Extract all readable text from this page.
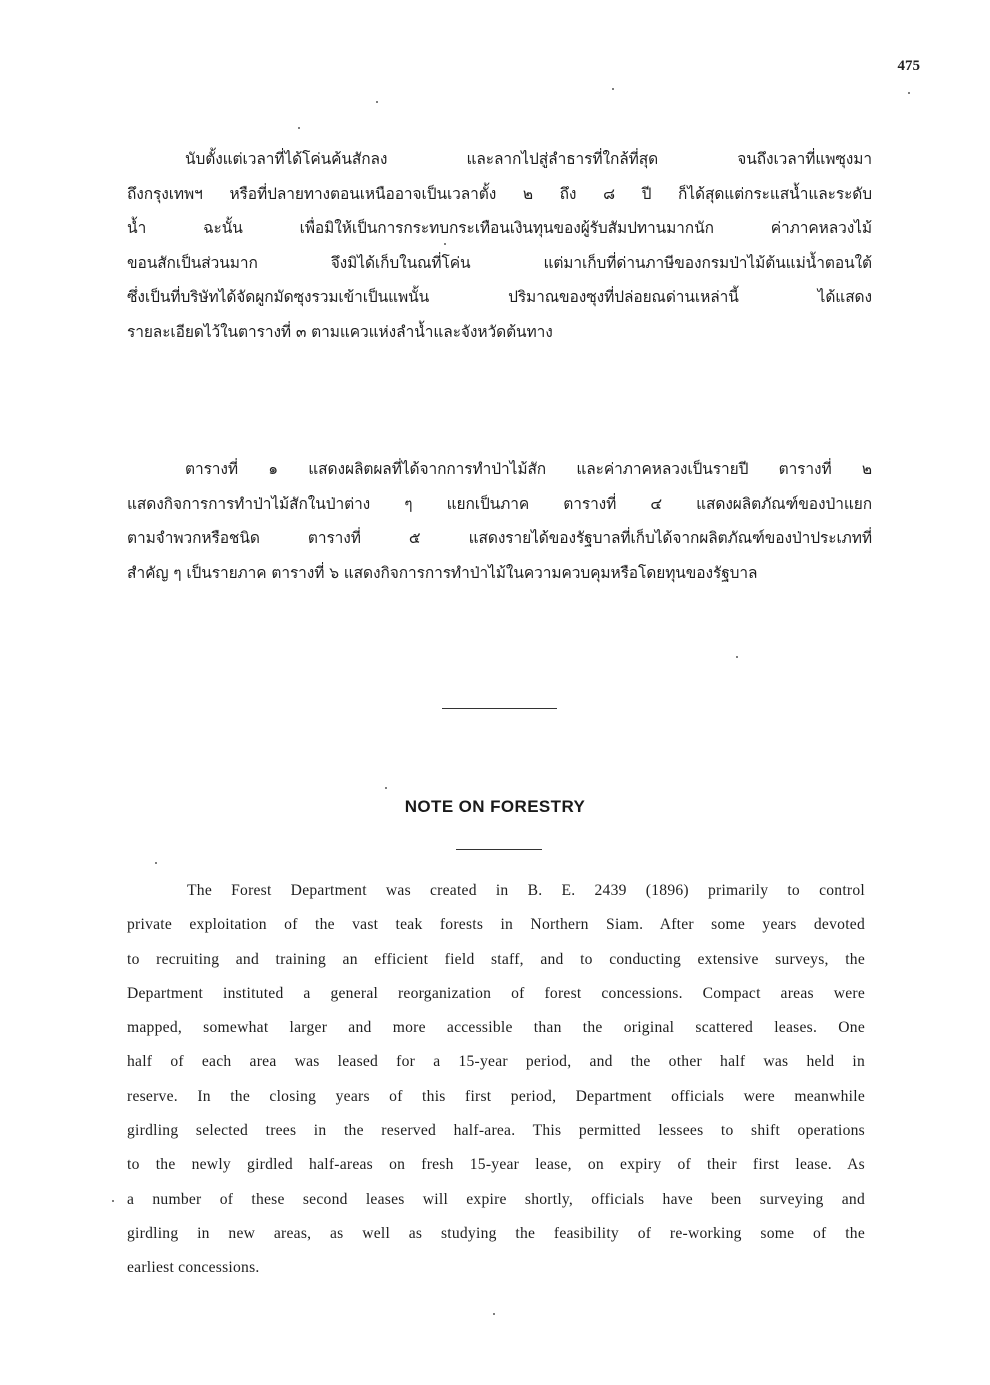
475
นับตั้งแต่เวลาที่ได้โค่นค้นสักลง และลากไปสู่ลำธารที่ใกล้ที่สุด จนถึงเวลาที่แพซุงมา
ถึงกรุงเทพฯ หรือที่ปลายทางตอนเหนืออาจเป็นเวลาตั้ง ๒ ถึง ๘ ปี ก็ได้สุดแต่กระแสน้ำและระดับ
น้ำ ฉะนั้น เพื่อมิให้เป็นการกระทบกระเทือนเงินทุนของผู้รับสัมปทานมากนัก ค่าภาคหลวงไม้
ขอนสักเป็นส่วนมาก จึงมิได้เก็บในณที่โค่น แต่มาเก็บที่ด่านภาษีของกรมป่าไม้ต้นแม่น้ำตอนใต้
ซึ่งเป็นที่บริษัทได้จัดผูกมัดซุงรวมเข้าเป็นแพนั้น ปริมาณของซุงที่ปล่อยณด่านเหล่านี้ ได้แสดง
รายละเอียดไว้ในตารางที่ ๓ ตามแควแห่งลำน้ำและจังหวัดต้นทาง
ตารางที่ ๑ แสดงผลิตผลที่ได้จากการทำป่าไม้สัก และค่าภาคหลวงเป็นรายปี ตารางที่ ๒
แสดงกิจการการทำป่าไม้สักในป่าต่าง ๆ แยกเป็นภาค ตารางที่ ๔ แสดงผลิตภัณฑ์ของป่าแยก
ตามจำพวกหรือชนิด ตารางที่ ๕ แสดงรายได้ของรัฐบาลที่เก็บได้จากผลิตภัณฑ์ของป่าประเภทที่
สำคัญ ๆ เป็นรายภาค ตารางที่ ๖ แสดงกิจการการทำป่าไม้ในความควบคุมหรือโดยทุนของรัฐบาล
NOTE ON FORESTRY
The Forest Department was created in B. E. 2439 (1896) primarily to control
private exploitation of the vast teak forests in Northern Siam. After some years devoted
to recruiting and training an efficient field staff, and to conducting extensive surveys, the
Department instituted a general reorganization of forest concessions. Compact areas were
mapped, somewhat larger and more accessible than the original scattered leases. One
half of each area was leased for a 15-year period, and the other half was held in
reserve. In the closing years of this first period, Department officials were meanwhile
girdling selected trees in the reserved half-area. This permitted lessees to shift operations
to the newly girdled half-areas on fresh 15-year lease, on expiry of their first lease. As
a number of these second leases will expire shortly, officials have been surveying and
girdling in new areas, as well as studying the feasibility of re-working some of the
earliest concessions.
